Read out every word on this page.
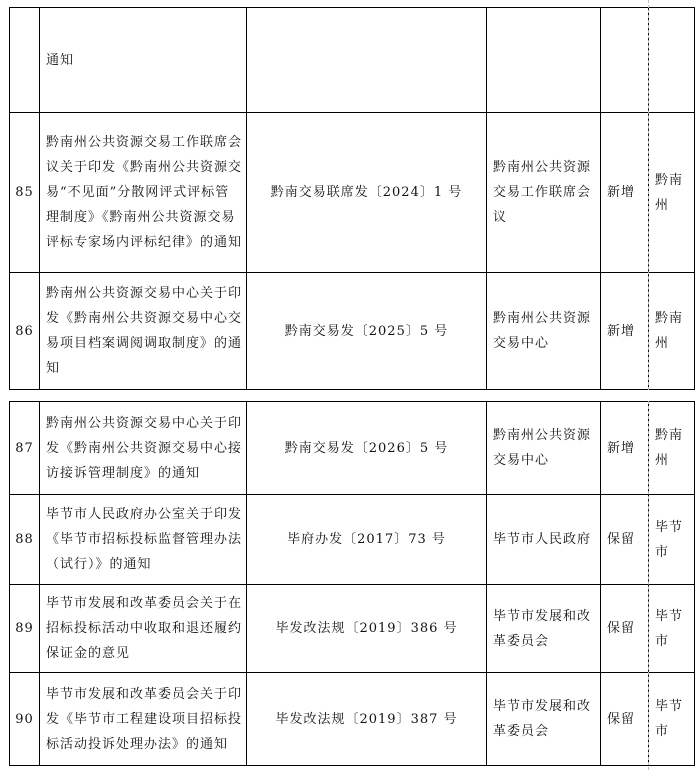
	通知				
85	黔南州公共资源交易工作联席会议关于印发《黔南州公共资源交易“不见面”分散网评式评标管理制度》《黔南州公共资源交易评标专家场内评标纪律》的通知	黔南交易联席发〔2024〕1 号	黔南州公共资源交易工作联席会议	新增	黔南州
86	黔南州公共资源交易中心关于印发《黔南州公共资源交易中心交易项目档案调阅调取制度》的通知	黔南交易发〔2025〕5 号	黔南州公共资源交易中心	新增	黔南州
87	黔南州公共资源交易中心关于印发《黔南州公共资源交易中心接访接诉管理制度》的通知	黔南交易发〔2026〕5 号	黔南州公共资源交易中心	新增	黔南州
88	毕节市人民政府办公室关于印发《毕节市招标投标监督管理办法（试行）》的通知	毕府办发〔2017〕73 号	毕节市人民政府	保留	毕节市
89	毕节市发展和改革委员会关于在招标投标活动中收取和退还履约保证金的意见	毕发改法规〔2019〕386 号	毕节市发展和改革委员会	保留	毕节市
90	毕节市发展和改革委员会关于印发《毕节市工程建设项目招标投标活动投诉处理办法》的通知	毕发改法规〔2019〕387 号	毕节市发展和改革委员会	保留	毕节市
